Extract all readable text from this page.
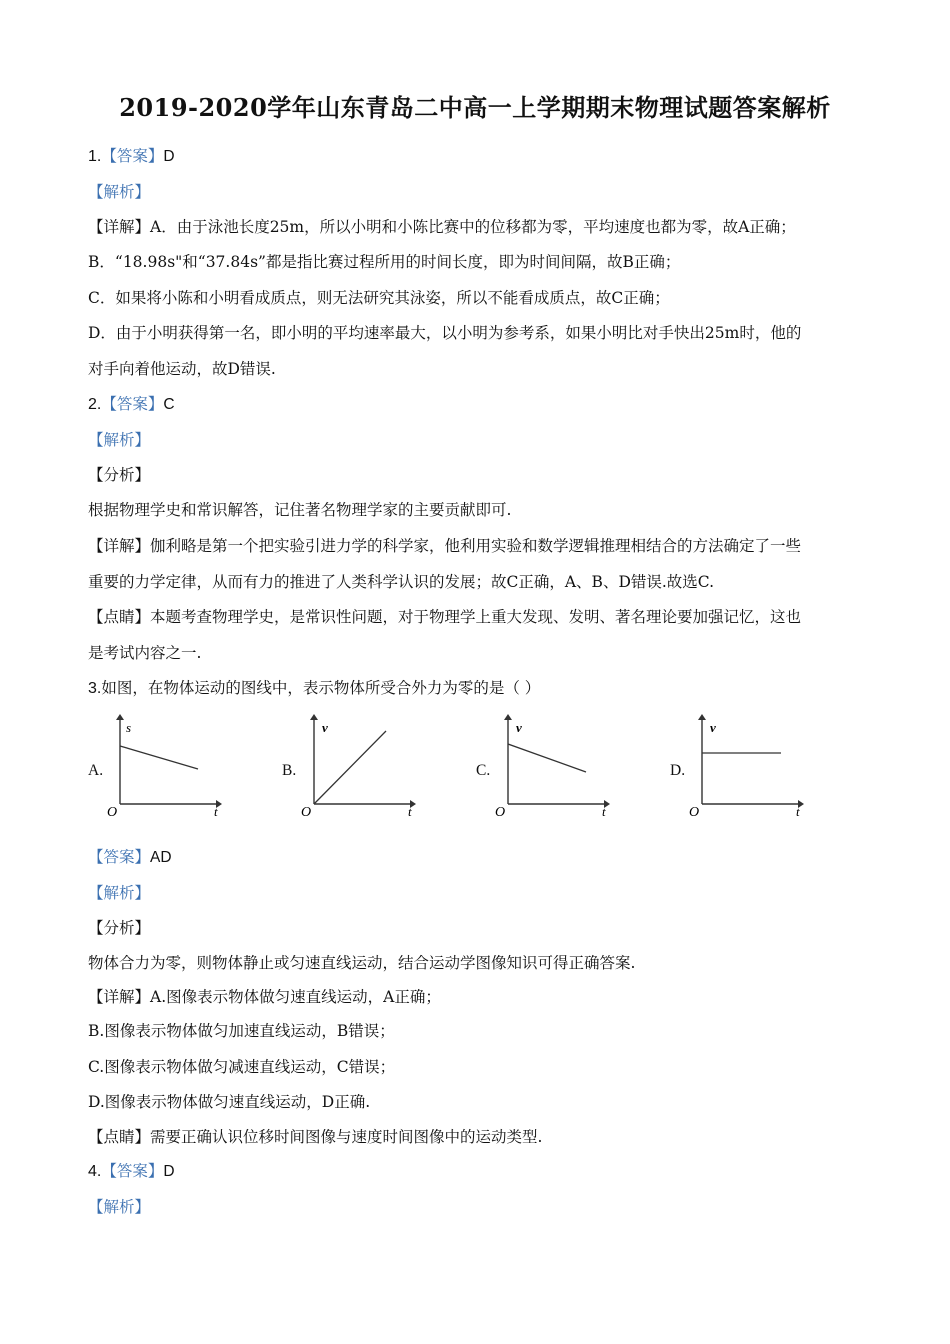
2019-2020学年山东青岛二中高一上学期期末物理试题答案解析
1.【答案】D
【解析】
【详解】A．由于泳池长度25m，所以小明和小陈比赛中的位移都为零，平均速度也都为零，故A正确；
B．“18.98s"和“37.84s”都是指比赛过程所用的时间长度，即为时间间隔，故B正确；
C．如果将小陈和小明看成质点，则无法研究其泳姿，所以不能看成质点，故C正确；
D．由于小明获得第一名，即小明的平均速率最大，以小明为参考系，如果小明比对手快出25m时，他的
对手向着他运动，故D错误.
2.【答案】C
【解析】
【分析】
根据物理学史和常识解答，记住著名物理学家的主要贡献即可.
【详解】伽利略是第一个把实验引进力学的科学家，他利用实验和数学逻辑推理相结合的方法确定了一些
重要的力学定律，从而有力的推进了人类科学认识的发展；故C正确，A、B、D错误.故选C.
【点睛】本题考查物理学史，是常识性问题，对于物理学上重大发现、发明、著名理论要加强记忆，这也
是考试内容之一.
3.如图，在物体运动的图线中，表示物体所受合外力为零的是（ ）
A.	B.	C.	D.
s
t
O
v
t
O
v
t
O
v
t
O
【答案】AD
【解析】
【分析】
物体合力为零，则物体静止或匀速直线运动，结合运动学图像知识可得正确答案.
【详解】A.图像表示物体做匀速直线运动，A正确；
B.图像表示物体做匀加速直线运动，B错误；
C.图像表示物体做匀减速直线运动，C错误；
D.图像表示物体做匀速直线运动，D正确.
【点睛】需要正确认识位移时间图像与速度时间图像中的运动类型.
4.【答案】D
【解析】
